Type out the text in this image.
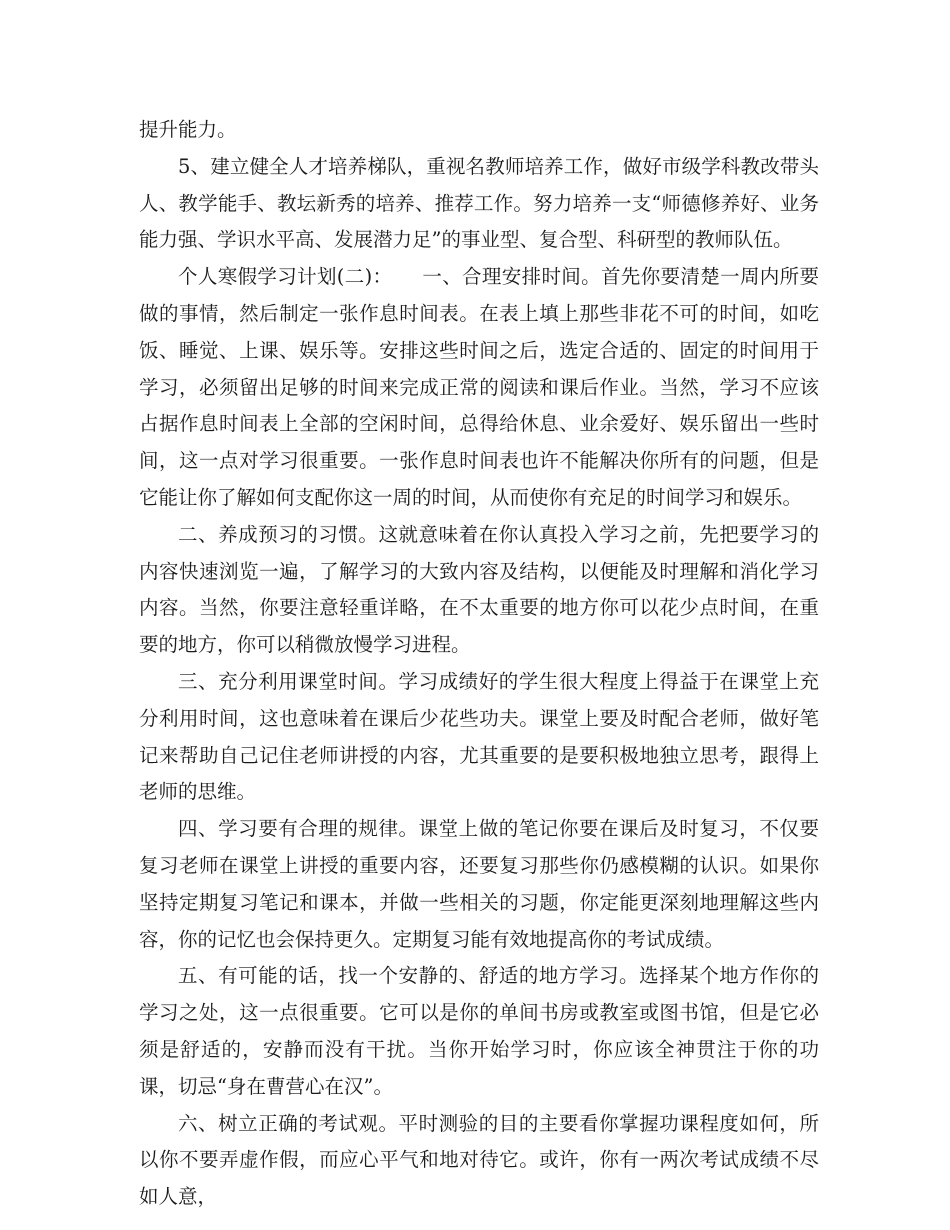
提升能力。

5、建立健全人才培养梯队，重视名教师培养工作，做好市级学科教改带头人、教学能手、教坛新秀的培养、推荐工作。努力培养一支“师德修养好、业务能力强、学识水平高、发展潜力足”的事业型、复合型、科研型的教师队伍。

个人寒假学习计划(二)：　　一、合理安排时间。首先你要清楚一周内所要做的事情，然后制定一张作息时间表。在表上填上那些非花不可的时间，如吃饭、睡觉、上课、娱乐等。安排这些时间之后，选定合适的、固定的时间用于学习，必须留出足够的时间来完成正常的阅读和课后作业。当然，学习不应该占据作息时间表上全部的空闲时间，总得给休息、业余爱好、娱乐留出一些时间，这一点对学习很重要。一张作息时间表也许不能解决你所有的问题，但是它能让你了解如何支配你这一周的时间，从而使你有充足的时间学习和娱乐。

二、养成预习的习惯。这就意味着在你认真投入学习之前，先把要学习的内容快速浏览一遍，了解学习的大致内容及结构，以便能及时理解和消化学习内容。当然，你要注意轻重详略，在不太重要的地方你可以花少点时间，在重要的地方，你可以稍微放慢学习进程。

三、充分利用课堂时间。学习成绩好的学生很大程度上得益于在课堂上充分利用时间，这也意味着在课后少花些功夫。课堂上要及时配合老师，做好笔记来帮助自己记住老师讲授的内容，尤其重要的是要积极地独立思考，跟得上老师的思维。

四、学习要有合理的规律。课堂上做的笔记你要在课后及时复习，不仅要复习老师在课堂上讲授的重要内容，还要复习那些你仍感模糊的认识。如果你坚持定期复习笔记和课本，并做一些相关的习题，你定能更深刻地理解这些内容，你的记忆也会保持更久。定期复习能有效地提高你的考试成绩。

五、有可能的话，找一个安静的、舒适的地方学习。选择某个地方作你的学习之处，这一点很重要。它可以是你的单间书房或教室或图书馆，但是它必须是舒适的，安静而没有干扰。当你开始学习时，你应该全神贯注于你的功课，切忌“身在曹营心在汉”。

六、树立正确的考试观。平时测验的目的主要看你掌握功课程度如何，所以你不要弄虚作假，而应心平气和地对待它。或许，你有一两次考试成绩不尽如人意，
